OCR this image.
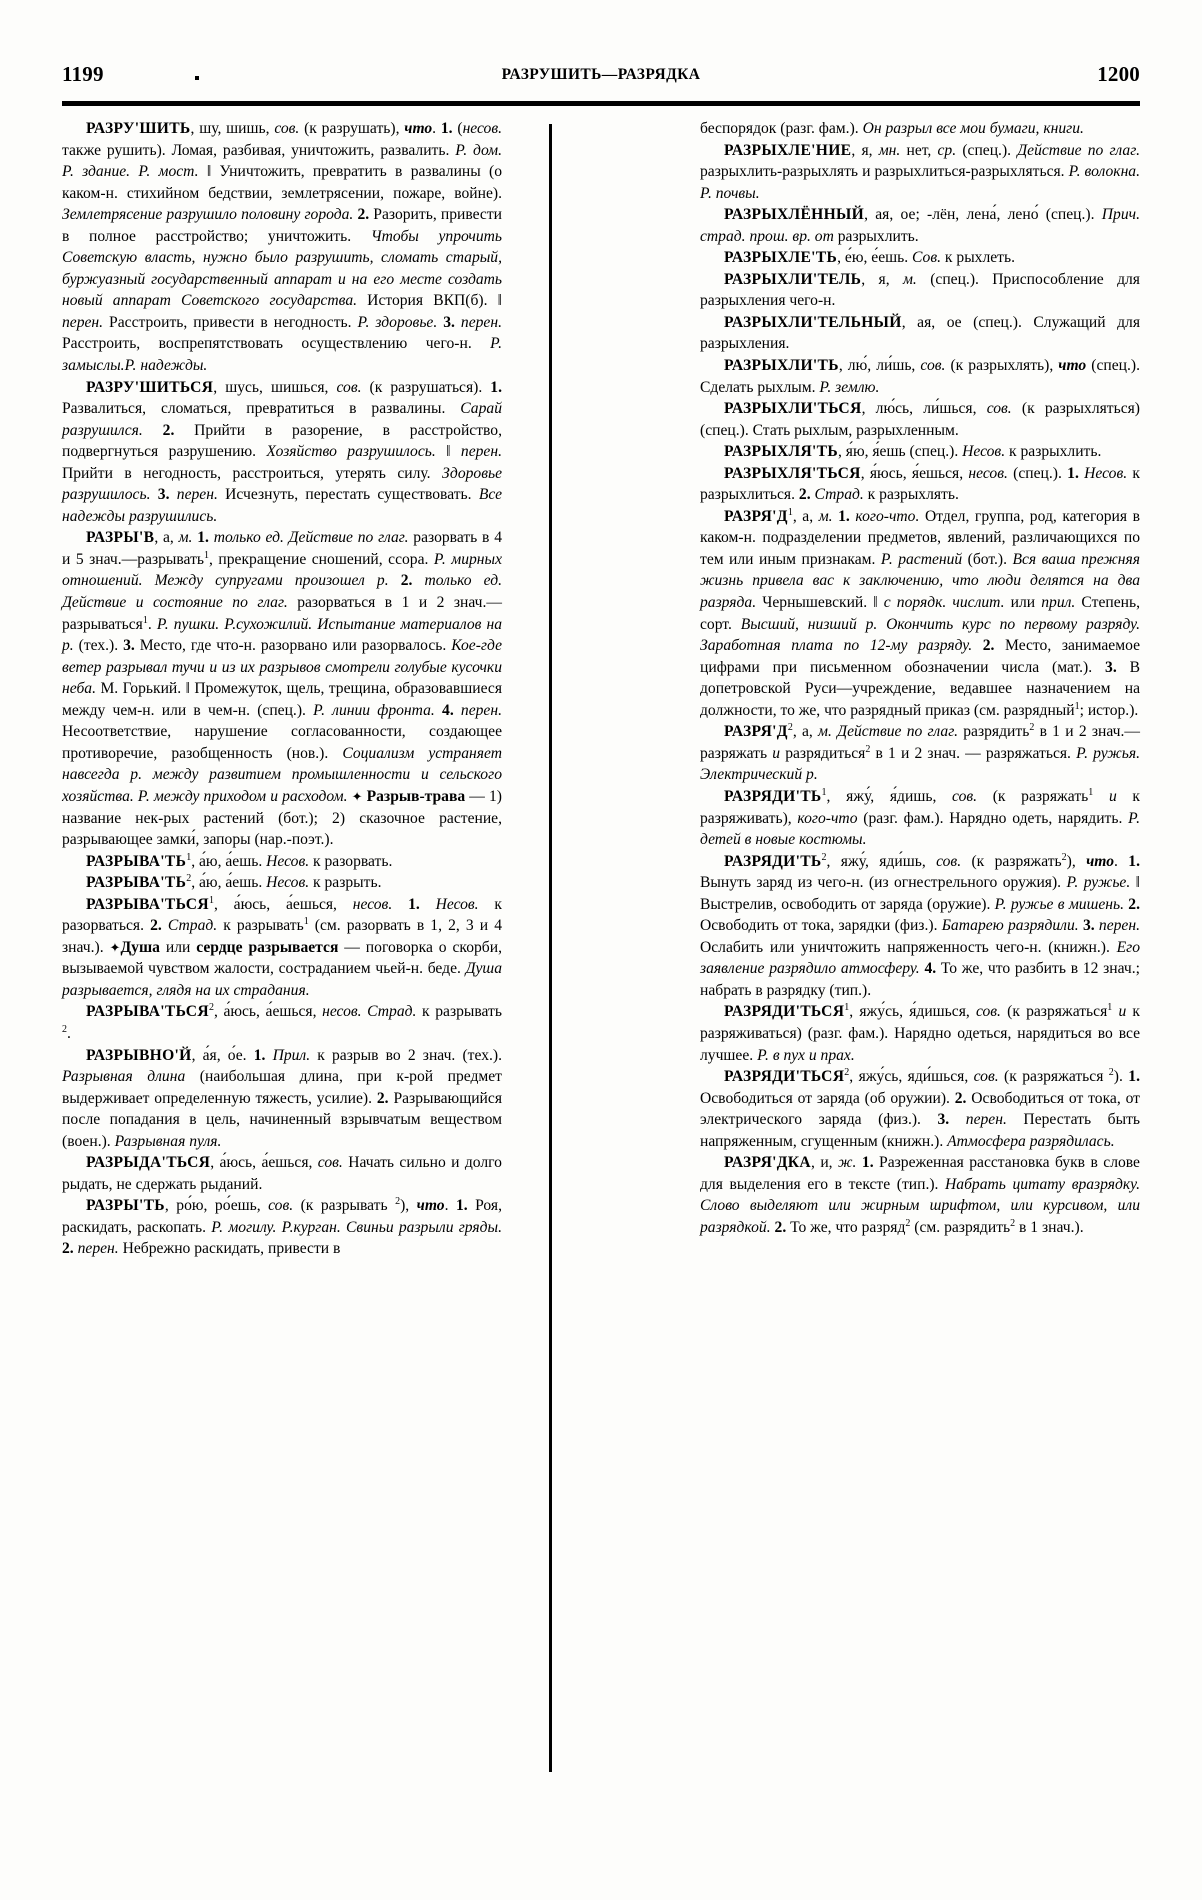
1199	РАЗРУШИТЬ—РАЗРЯДКА	1200

РАЗРУ'ШИТЬ, шу, шишь, сов. (к разрушать), что. 1. (несов. также рушить). Ломая, разбивая, уничтожить, развалить. Р. дом. Р. здание. Р. мост. ‖ Уничтожить, превратить в развалины (о каком-н. стихийном бедствии, землетрясении, пожаре, войне). Землетрясение разрушило половину города. 2. Разорить, привести в полное расстройство; уничтожить. Чтобы упрочить Советскую власть, нужно было разрушить, сломать старый, буржуазный государственный аппарат и на его месте создать новый аппарат Советского государства. История ВКП(б). ‖ перен. Расстроить, привести в негодность. Р. здоровье. 3. перен. Расстроить, воспрепятствовать осуществлению чего-н. Р. замыслы.Р. надежды.

РАЗРУ'ШИТЬСЯ, шусь, шишься, сов. (к разрушаться). 1. Развалиться, сломаться, превратиться в развалины. Сарай разрушился. 2. Прийти в разорение, в расстройство, подвергнуться разрушению. Хозяйство разрушилось. ‖ перен. Прийти в негодность, расстроиться, утерять силу. Здоровье разрушилось. 3. перен. Исчезнуть, перестать существовать. Все надежды разрушились.

РАЗРЫ'В, а, м. 1. только ед. Действие по глаг. разорвать в 4 и 5 знач.—разрывать$^1$, прекращение сношений, ссора. Р. мирных отношений. Между супругами произошел р. 2. только ед. Действие и состояние по глаг. разорваться в 1 и 2 знач.—разрываться$^1$. Р. пушки. Р.сухожилий. Испытание материалов на р. (тех.). 3. Место, где что-н. разорвано или разорвалось. Кое-где ветер разрывал тучи и из их разрывов смотрели голубые кусочки неба. М. Горький. ‖ Промежуток, щель, трещина, образовавшиеся между чем-н. или в чем-н. (спец.). Р. линии фронта. 4. перен. Несоответствие, нарушение согласованности, создающее противоречие, разобщенность (нов.). Социализм устраняет навсегда р. между развитием промышленности и сельского хозяйства. Р. между приходом и расходом. ✦ Разрыв-трава — 1) название нек-рых растений (бот.); 2) сказочное растение, разрывающее замки́, запоры (нар.-поэт.).

$РАЗРЫВА'ТЬ^1$, а́ю, а́ешь. Несов. к разорвать.

$РАЗРЫВА'ТЬ^2$, а́ю, а́ешь. Несов. к разрыть.

РАЗРЫВА'ТЬСЯ$^1$, а́юсь, а́ешься, несов. 1. Несов. к разорваться. 2. Страд. к разрывать$^1$ (см. разорвать в 1, 2, 3 и 4 знач.). ✦Душа или сердце разрывается — поговорка о скорби, вызываемой чувством жалости, состраданием чьей-н. беде. Душа разрывается, глядя на их страдания.

РАЗРЫВА'ТЬСЯ$^2$, а́юсь, а́ешься, несов. Страд. к разрывать $^2$.

РАЗРЫВНО'Й, а́я, о́е. 1. Прил. к разрыв во 2 знач. (тех.). Разрывная длина (наибольшая длина, при к-рой предмет выдерживает определенную тяжесть, усилие). 2. Разрывающийся после попадания в цель, начиненный взрывчатым веществом (воен.). Разрывная пуля.

РАЗРЫДА'ТЬСЯ, а́юсь, а́ешься, сов. Начать сильно и долго рыдать, не сдержать рыданий.

РАЗРЫ'ТЬ, ро́ю, ро́ешь, сов. (к разрывать $^2$), что. 1. Роя, раскидать, раскопать. Р. могилу. Р.курган. Свиньи разрыли гряды. 2. перен. Небрежно раскидать, привести в

беспорядок (разг. фам.). Он разрыл все мои бумаги, книги.

РАЗРЫХЛЕ'НИЕ, я, мн. нет, ср. (спец.). Действие по глаг. разрыхлить-разрыхлять и разрыхлиться-разрыхляться. Р. волокна. Р. почвы.

РАЗРЫХЛЁННЫЙ, ая, ое; -лён, лена́, лено́ (спец.). Прич. страд. прош. вр. от разрыхлить.

РАЗРЫХЛЕ'ТЬ, е́ю, е́ешь. Сов. к рыхлеть.

РАЗРЫХЛИ'ТЕЛЬ, я, м. (спец.). Приспособление для разрыхления чего-н.

РАЗРЫХЛИ'ТЕЛЬНЫЙ, ая, ое (спец.). Служащий для разрыхления.

РАЗРЫХЛИ'ТЬ, лю́, ли́шь, сов. (к разрыхлять), что (спец.). Сделать рыхлым. Р. землю.

РАЗРЫХЛИ'ТЬСЯ, лю́сь, ли́шься, сов. (к разрыхляться) (спец.). Стать рыхлым, разрыхленным.

РАЗРЫХЛЯ'ТЬ, я́ю, я́ешь (спец.). Несов. к разрыхлить.

РАЗРЫХЛЯ'ТЬСЯ, я́юсь, я́ешься, несов. (спец.). 1. Несов. к разрыхлиться. 2. Страд. к разрыхлять.

$РАЗРЯ'Д^1$, а, м. 1. кого-что. Отдел, группа, род, категория в каком-н. подразделении предметов, явлений, различающихся по тем или иным признакам. Р. растений (бот.). Вся ваша прежняя жизнь привела вас к заключению, что люди делятся на два разряда. Чернышевский. ‖ с порядк. числит. или прил. Степень, сорт. Высший, низший р. Окончить курс по первому разряду. Заработная плата по 12-му разряду. 2. Место, занимаемое цифрами при письменном обозначении числа (мат.). 3. В допетровской Руси—учреждение, ведавшее назначением на должности, то же, что разрядный приказ (см. разрядный$^1$; истор.).

$РАЗРЯ'Д^2$, а, м. Действие по глаг. разрядить$^2$ в 1 и 2 знач.—разряжать и разрядиться$^2$ в 1 и 2 знач. — разряжаться. Р. ружья. Электрический р.

$РАЗРЯДИ'ТЬ^1$, яжу́, я́дишь, сов. (к разряжать$^1$ и к разряживать), кого-что (разг. фам.). Нарядно одеть, нарядить. Р. детей в новые костюмы.

$РАЗРЯДИ'ТЬ^2$, яжу́, яди́шь, сов. (к разряжать$^2$), что. 1. Вынуть заряд из чего-н. (из огнестрельного оружия). Р. ружье. ‖ Выстрелив, освободить от заряда (оружие). Р. ружье в мишень. 2. Освободить от тока, зарядки (физ.). Батарею разрядили. 3. перен. Ослабить или уничтожить напряженность чего-н. (книжн.). Его заявление разрядило атмосферу. 4. То же, что разбить в 12 знач.; набрать в разрядку (тип.).

РАЗРЯДИ'ТЬСЯ$^1$, яжу́сь, я́дишься, сов. (к разряжаться$^1$ и к разряживаться) (разг. фам.). Нарядно одеться, нарядиться во все лучшее. Р. в пух и прах.

РАЗРЯДИ'ТЬСЯ$^2$, яжу́сь, яди́шься, сов. (к разряжаться $^2$). 1. Освободиться от заряда (об оружии). 2. Освободиться от тока, от электрического заряда (физ.). 3. перен. Перестать быть напряженным, сгущенным (книжн.). Атмосфера разрядилась.

РАЗРЯ'ДКА, и, ж. 1. Разреженная расстановка букв в слове для выделения его в тексте (тип.). Набрать цитату вразрядку. Слово выделяют или жирным шрифтом, или курсивом, или разрядкой. 2. То же, что разряд$^2$ (см. разрядить$^2$ в 1 знач.).
